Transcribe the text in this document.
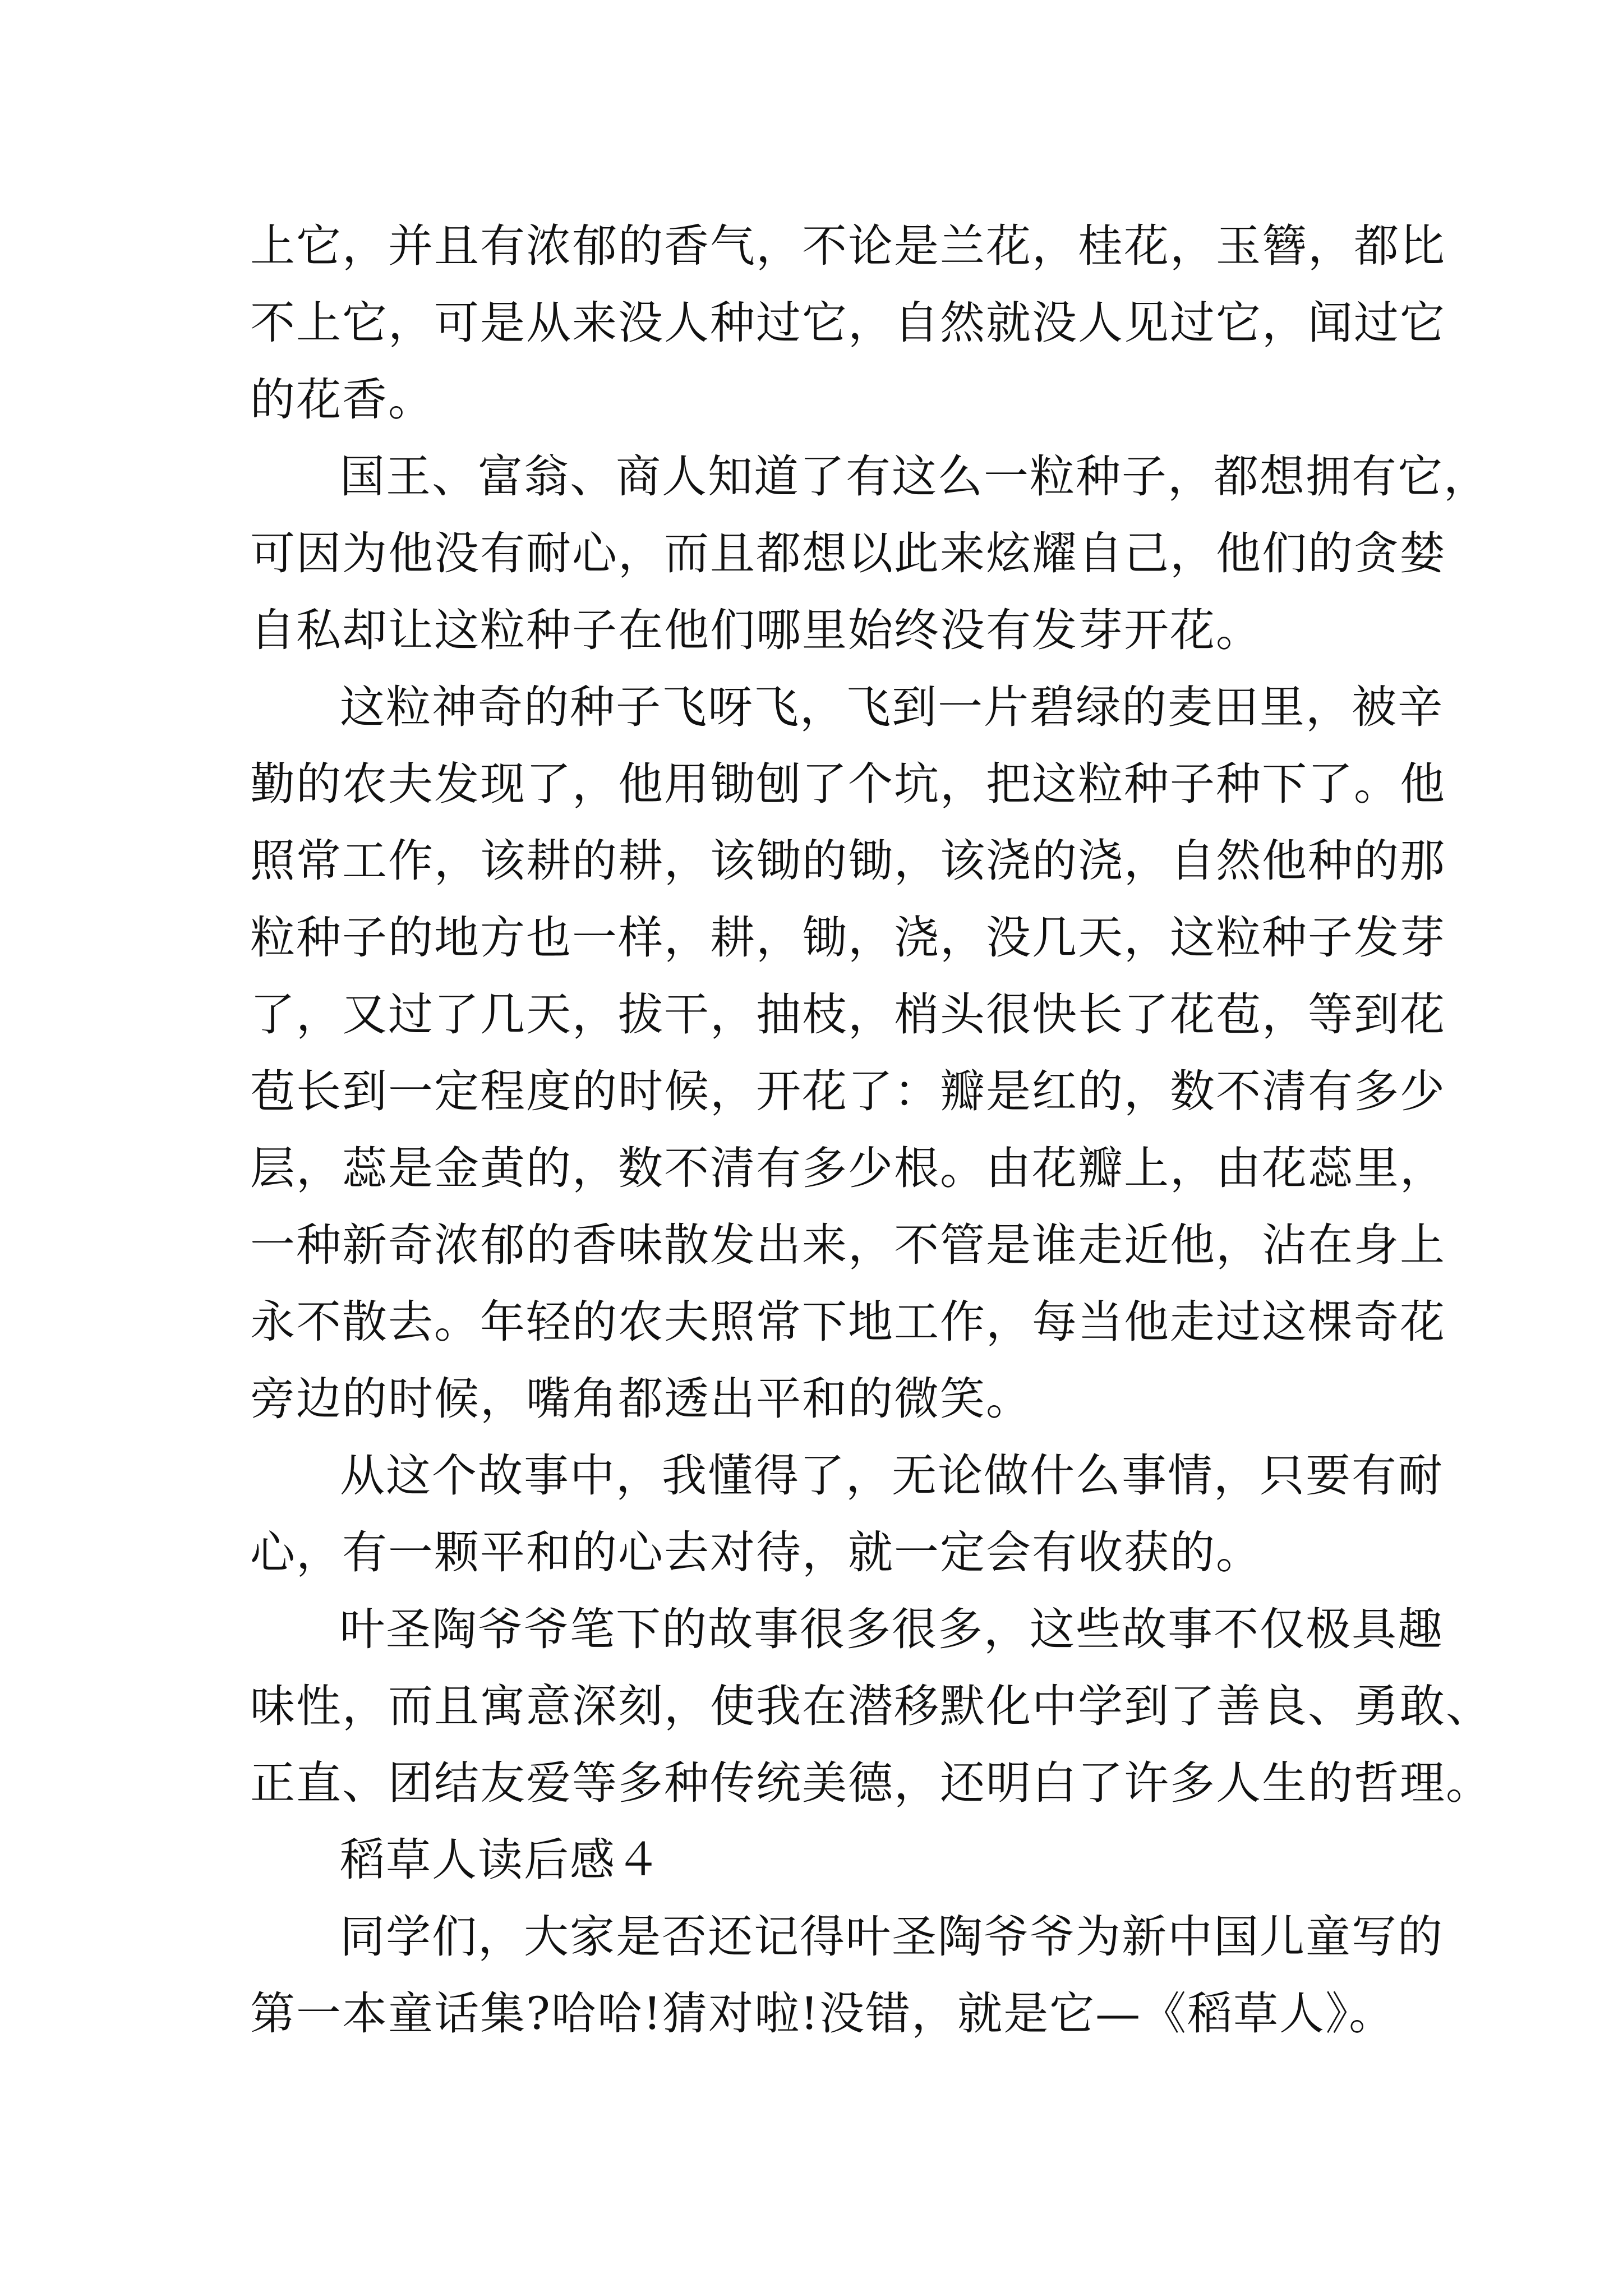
上它，并且有浓郁的香气，不论是兰花，桂花，玉簪，都比
不上它，可是从来没人种过它，自然就没人见过它，闻过它
的花香。
国王、富翁、商人知道了有这么一粒种子，都想拥有它，
可因为他没有耐心，而且都想以此来炫耀自己，他们的贪婪
自私却让这粒种子在他们哪里始终没有发芽开花。
这粒神奇的种子飞呀飞，飞到一片碧绿的麦田里，被辛
勤的农夫发现了，他用锄刨了个坑，把这粒种子种下了。他
照常工作，该耕的耕，该锄的锄，该浇的浇，自然他种的那
粒种子的地方也一样，耕，锄，浇，没几天，这粒种子发芽
了，又过了几天，拔干，抽枝，梢头很快长了花苞，等到花
苞长到一定程度的时候，开花了：瓣是红的，数不清有多少
层，蕊是金黄的，数不清有多少根。由花瓣上，由花蕊里，
一种新奇浓郁的香味散发出来，不管是谁走近他，沾在身上
永不散去。年轻的农夫照常下地工作，每当他走过这棵奇花
旁边的时候，嘴角都透出平和的微笑。
从这个故事中，我懂得了，无论做什么事情，只要有耐
心，有一颗平和的心去对待，就一定会有收获的。
叶圣陶爷爷笔下的故事很多很多，这些故事不仅极具趣
味性，而且寓意深刻，使我在潜移默化中学到了善良、勇敢、
正直、团结友爱等多种传统美德，还明白了许多人生的哲理。
稻草人读后感４
同学们，大家是否还记得叶圣陶爷爷为新中国儿童写的
第一本童话集?哈哈!猜对啦!没错，就是它—《稻草人》。
